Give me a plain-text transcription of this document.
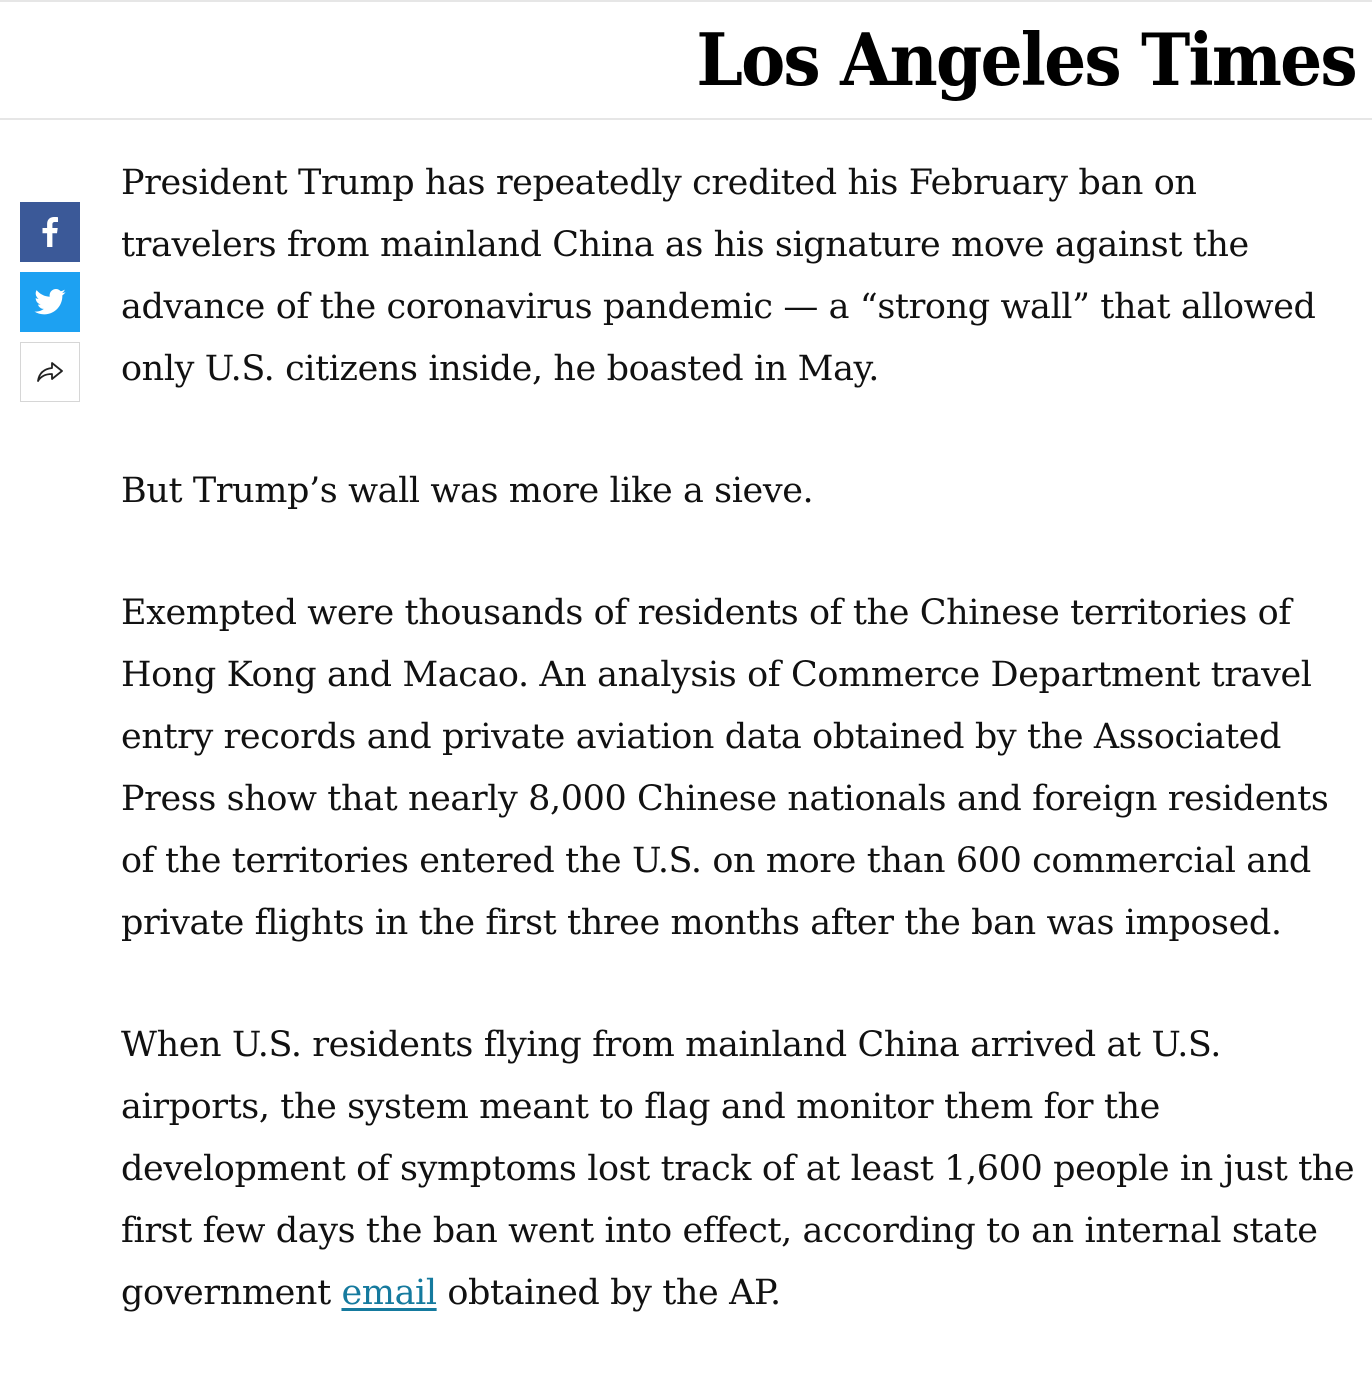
Los Angeles Times

President Trump has repeatedly credited his February ban on travelers from mainland China as his signature move against the advance of the coronavirus pandemic — a “strong wall” that allowed only U.S. citizens inside, he boasted in May.

But Trump’s wall was more like a sieve.

Exempted were thousands of residents of the Chinese territories of Hong Kong and Macao. An analysis of Commerce Department travel entry records and private aviation data obtained by the Associated Press show that nearly 8,000 Chinese nationals and foreign residents of the territories entered the U.S. on more than 600 commercial and private flights in the first three months after the ban was imposed.

When U.S. residents flying from mainland China arrived at U.S. airports, the system meant to flag and monitor them for the development of symptoms lost track of at least 1,600 people in just the first few days the ban went into effect, according to an internal state government email obtained by the AP.
